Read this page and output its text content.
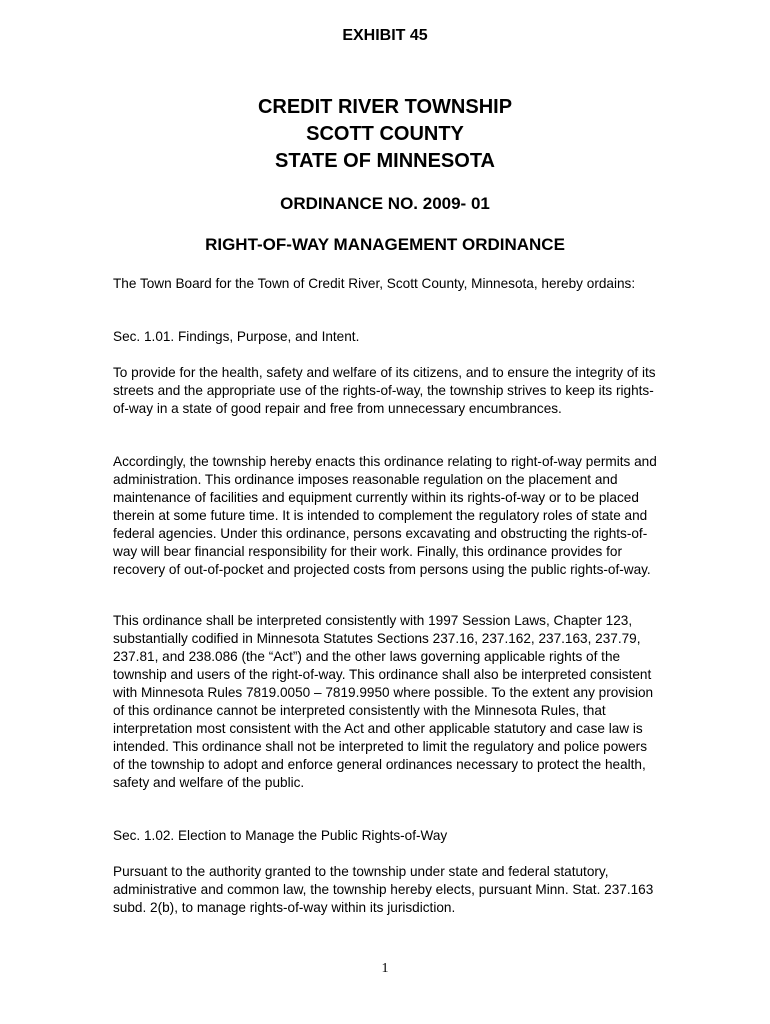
EXHIBIT 45
CREDIT RIVER TOWNSHIP
SCOTT COUNTY
STATE OF MINNESOTA
ORDINANCE NO. 2009- 01
RIGHT-OF-WAY MANAGEMENT ORDINANCE

The Town Board for the Town of Credit River, Scott County, Minnesota, hereby ordains:

Sec. 1.01. Findings, Purpose, and Intent.

To provide for the health, safety and welfare of its citizens, and to ensure the integrity of its streets and the appropriate use of the rights-of-way, the township strives to keep its rights-of-way in a state of good repair and free from unnecessary encumbrances.

Accordingly, the township hereby enacts this ordinance relating to right-of-way permits and administration. This ordinance imposes reasonable regulation on the placement and maintenance of facilities and equipment currently within its rights-of-way or to be placed therein at some future time. It is intended to complement the regulatory roles of state and federal agencies. Under this ordinance, persons excavating and obstructing the rights-of-way will bear financial responsibility for their work. Finally, this ordinance provides for recovery of out-of-pocket and projected costs from persons using the public rights-of-way.

This ordinance shall be interpreted consistently with 1997 Session Laws, Chapter 123, substantially codified in Minnesota Statutes Sections 237.16, 237.162, 237.163, 237.79, 237.81, and 238.086 (the “Act”) and the other laws governing applicable rights of the township and users of the right-of-way. This ordinance shall also be interpreted consistent with Minnesota Rules 7819.0050 – 7819.9950 where possible. To the extent any provision of this ordinance cannot be interpreted consistently with the Minnesota Rules, that interpretation most consistent with the Act and other applicable statutory and case law is intended. This ordinance shall not be interpreted to limit the regulatory and police powers of the township to adopt and enforce general ordinances necessary to protect the health, safety and welfare of the public.

Sec. 1.02. Election to Manage the Public Rights-of-Way

Pursuant to the authority granted to the township under state and federal statutory, administrative and common law, the township hereby elects, pursuant Minn. Stat. 237.163 subd. 2(b), to manage rights-of-way within its jurisdiction.

1
